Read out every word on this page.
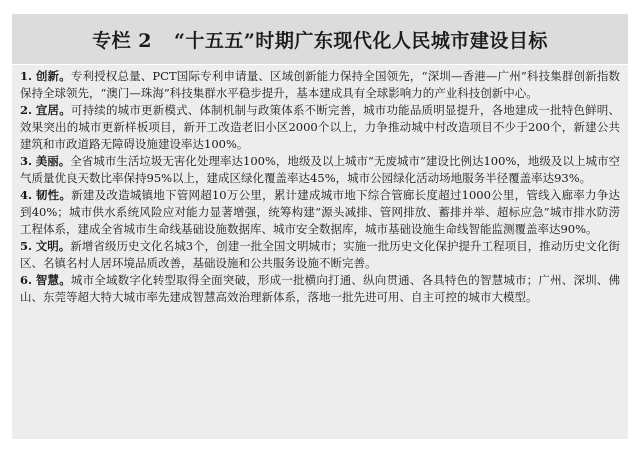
专栏 2 “十五五”时期广东现代化人民城市建设目标

1. 创新。专利授权总量、PCT国际专利申请量、区域创新能力保持全国领先，“深圳—香港—广州”科技集群创新指数保持全球领先，“澳门—珠海”科技集群水平稳步提升，基本建成具有全球影响力的产业科技创新中心。

2. 宜居。可持续的城市更新模式、体制机制与政策体系不断完善，城市功能品质明显提升，各地建成一批特色鲜明、效果突出的城市更新样板项目，新开工改造老旧小区2000个以上，力争推动城中村改造项目不少于200个，新建公共建筑和市政道路无障碍设施建设率达100%。

3. 美丽。全省城市生活垃圾无害化处理率达100%，地级及以上城市“无废城市”建设比例达100%，地级及以上城市空气质量优良天数比率保持95%以上，建成区绿化覆盖率达45%，城市公园绿化活动场地服务半径覆盖率达93%。

4. 韧性。新建及改造城镇地下管网超10万公里，累计建成城市地下综合管廊长度超过1000公里，管线入廊率力争达到40%；城市供水系统风险应对能力显著增强，统筹构建“源头减排、管网排放、蓄排并举、超标应急”城市排水防涝工程体系，建成全省城市生命线基础设施数据库、城市安全数据库，城市基础设施生命线智能监测覆盖率达90%。

5. 文明。新增省级历史文化名城3个，创建一批全国文明城市；实施一批历史文化保护提升工程项目，推动历史文化街区、名镇名村人居环境品质改善，基础设施和公共服务设施不断完善。

6. 智慧。城市全域数字化转型取得全面突破，形成一批横向打通、纵向贯通、各具特色的智慧城市；广州、深圳、佛山、东莞等超大特大城市率先建成智慧高效治理新体系，落地一批先进可用、自主可控的城市大模型。
